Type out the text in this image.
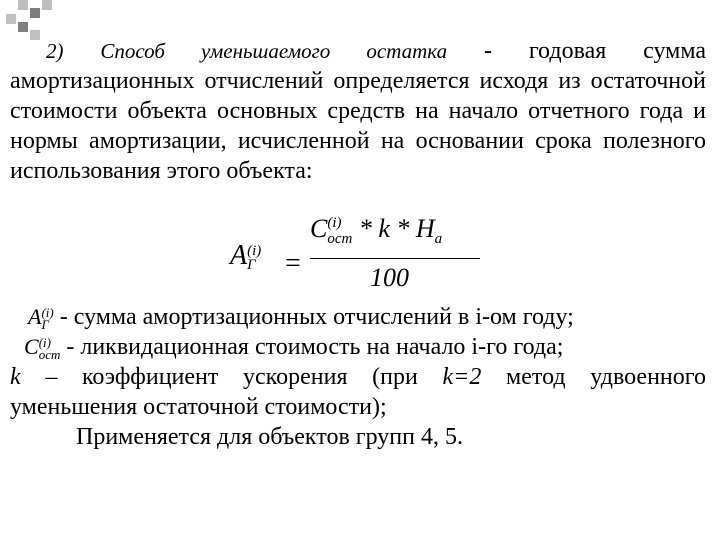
2) Способ уменьшаемого остатка - годовая сумма амортизационных отчислений определяется исходя из остаточной стоимости объекта основных средств на начало отчетного года и нормы амортизации, исчисленной на основании срока полезного использования этого объекта:

A (i)
Г =
C (i)
ост * k * $H_а$
100
A (i)
Г - сумма амортизационных отчислений в i-ом году;
C (i)
ост - ликвидационная стоимость на начало i-го года;

k – коэффициент ускорения (при k=2 метод удвоенного уменьшения остаточной стоимости);

Применяется для объектов групп 4, 5.
